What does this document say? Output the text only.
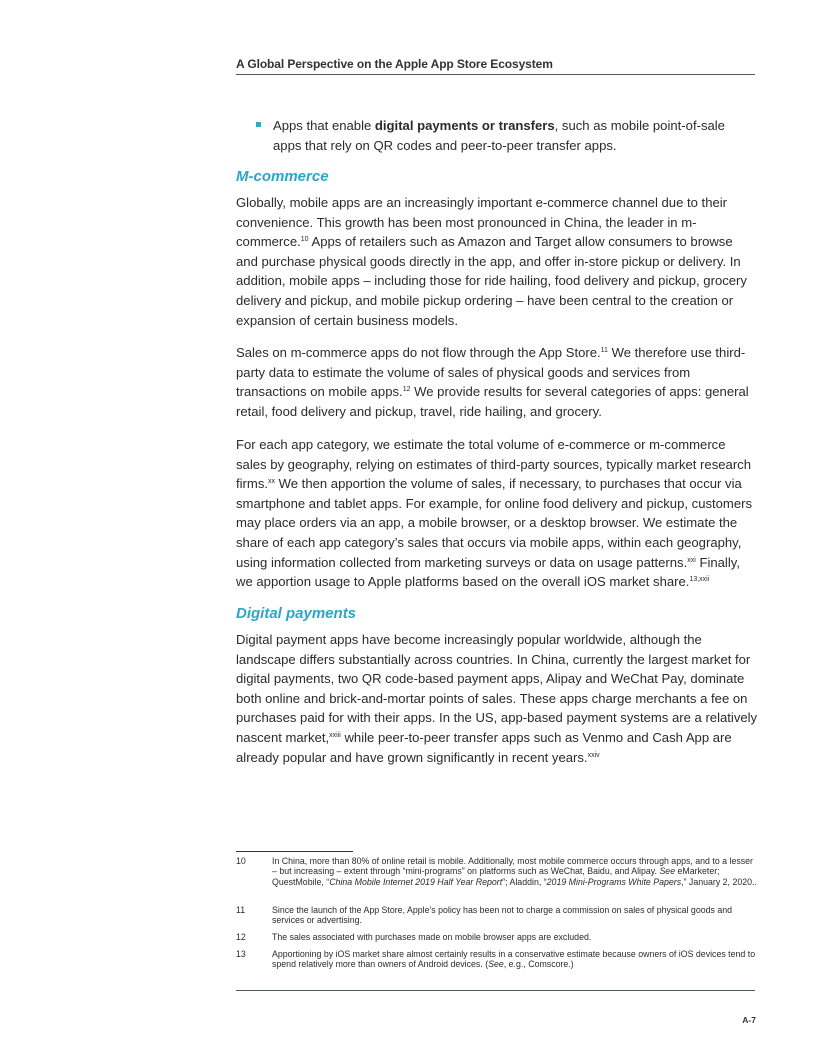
A Global Perspective on the Apple App Store Ecosystem
Apps that enable digital payments or transfers, such as mobile point-of-sale apps that rely on QR codes and peer-to-peer transfer apps.
M-commerce

Globally, mobile apps are an increasingly important e-commerce channel due to their convenience. This growth has been most pronounced in China, the leader in m-commerce.$^{10}$ Apps of retailers such as Amazon and Target allow consumers to browse and purchase physical goods directly in the app, and offer in-store pickup or delivery. In addition, mobile apps – including those for ride hailing, food delivery and pickup, grocery delivery and pickup, and mobile pickup ordering – have been central to the creation or expansion of certain business models.

Sales on m-commerce apps do not flow through the App Store.$^{11}$ We therefore use third-party data to estimate the volume of sales of physical goods and services from transactions on mobile apps.$^{12}$ We provide results for several categories of apps: general retail, food delivery and pickup, travel, ride hailing, and grocery.

For each app category, we estimate the total volume of e-commerce or m-commerce sales by geography, relying on estimates of third-party sources, typically market research firms.$^{xx}$ We then apportion the volume of sales, if necessary, to purchases that occur via smartphone and tablet apps. For example, for online food delivery and pickup, customers may place orders via an app, a mobile browser, or a desktop browser. We estimate the share of each app category’s sales that occurs via mobile apps, within each geography, using information collected from marketing surveys or data on usage patterns.$^{xxi}$ Finally, we apportion usage to Apple platforms based on the overall iOS market share.$^{13,xxii}$

Digital payments

Digital payment apps have become increasingly popular worldwide, although the landscape differs substantially across countries. In China, currently the largest market for digital payments, two QR code-based payment apps, Alipay and WeChat Pay, dominate both online and brick-and-mortar points of sales. These apps charge merchants a fee on purchases paid for with their apps. In the US, app-based payment systems are a relatively nascent market,$^{xxiii}$ while peer-to-peer transfer apps such as Venmo and Cash App are already popular and have grown significantly in recent years.$^{xxiv}$

10	In China, more than 80% of online retail is mobile. Additionally, most mobile commerce occurs through apps, and to a lesser – but increasing – extent through “mini-programs” on platforms such as WeChat, Baidu, and Alipay. See eMarketer; QuestMobile, “China Mobile Internet 2019 Half Year Report”; Aladdin, “2019 Mini-Programs White Papers,” January 2, 2020..
11	Since the launch of the App Store, Apple’s policy has been not to charge a commission on sales of physical goods and services or advertising.
12	The sales associated with purchases made on mobile browser apps are excluded.
13	Apportioning by iOS market share almost certainly results in a conservative estimate because owners of iOS devices tend to spend relatively more than owners of Android devices. (See, e.g., Comscore.)
A-7
